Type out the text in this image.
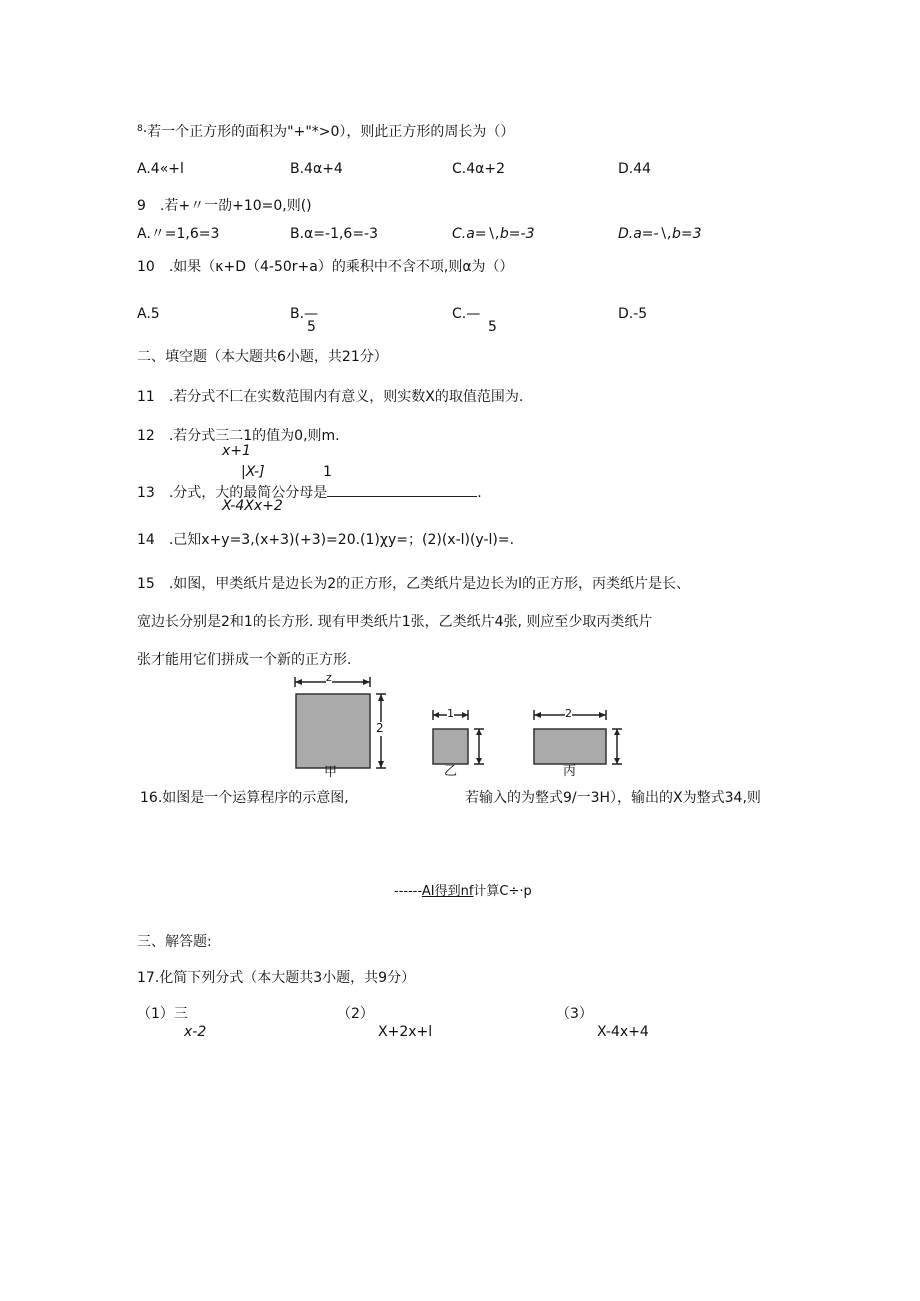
$^8$·若一个正方形的面积为"+"*>0），则此正方形的周长为（）
A.4«+l	B.4α+4	C.4α+2	D.44
9　.若+〃一劭+10=0,则()
A.〃=1,6=3	B.α=-1,6=-3	C.a=∖,b=-3	D.a=-∖,b=3
10　.如果（κ+D（4-50r+a）的乘积中不含不项,则α为（）
A.5	B.—
5
C.—
5
D.-5
二、填空题（本大题共6小题，共21分）
11　.若分式不匚在实数范围内有意义，则实数X的取值范围为.
12　.若分式三二1的值为0,则m.
x+1
|X-]	1
13　.分式，大的最简公分母是	.
X-4Xx+2
14　.己知x+y=3,(x+3)(+3)=20.(1)χy=；(2)(x-l)(y-l)=.
15　.如图，甲类纸片是边长为2的正方形，乙类纸片是边长为l的正方形，丙类纸片是长、
宽边长分别是2和1的长方形. 现有甲类纸片1张，乙类纸片4张, 则应至少取丙类纸片
张才能用它们拼成一个新的正方形.
z
2
甲
1
乙
2
丙
16.如图是一个运算程序的示意图,	若输入的为整式9/一3H），输出的X为整式34,则
------AI得到nf计算C÷·p
三、解答题:
17.化简下列分式（本大题共3小题，共9分）
（1）三
x-2
（2）
X+2x+l
（3）
X-4x+4
